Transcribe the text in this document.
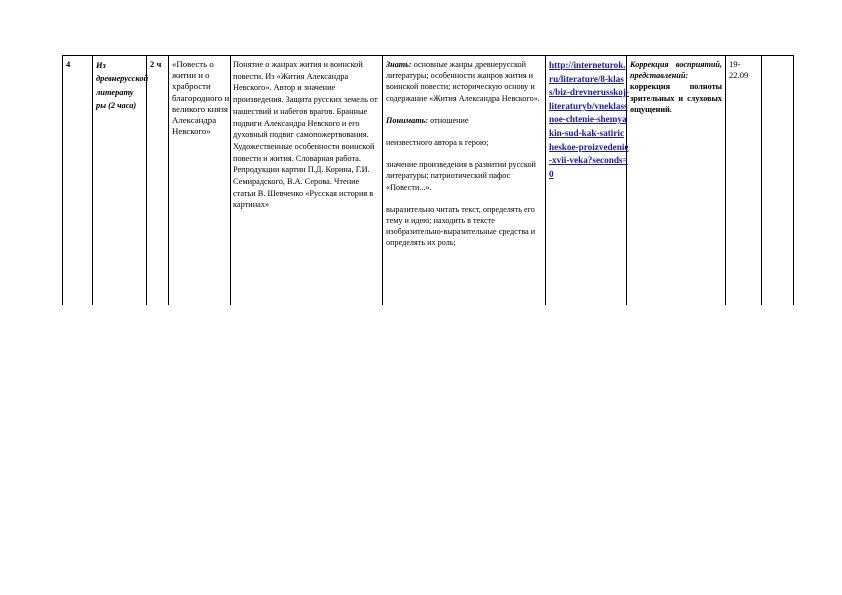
4	Из древнерусской литерату ры (2 часа)
2 ч	«Повесть о житии и о храбрости благородного и великого князя Александра Невского»
Понятие о жанрах жития и воинской повести. Из «Жития Александра Невского». Автор и значение произведения. Защита русских земель от нашествий и набегов врагов. Бранные подвиги Александра Невского и его духовный подвиг самопожертвования. Художественные особенности воинской повести и жития. Словарная работа. Репродукции картин П.Д. Корина, Г.И. Семирадского, В.А. Серова. Чтение статьи В. Шевченко «Русская история в картинах»

Знать: основные жанры древнерусской литературы; особенности жанров жития и воинской повести; историческую основу и содержание «Жития Александра Невского».

Понимать: отношение

неизвестного автора к герою;

значение произведения в развитии русской литературы; патриотический пафос «Повести...».

выразительно читать текст, определять его тему и идею; находить в тексте изобразительно-выразительные средства и определять их роль;

http://interneturok.ru/literature/8-klass/biz-drevnerusskoj-literaturyb/vneklassnoe-chtenie-shemyakin-sud-kak-satiricheskoe-proizvedenie-xvii-veka?seconds=0
Коррекция восприятий, представлений: коррекция полноты зрительных и слуховых ощущений.
19-22.09
